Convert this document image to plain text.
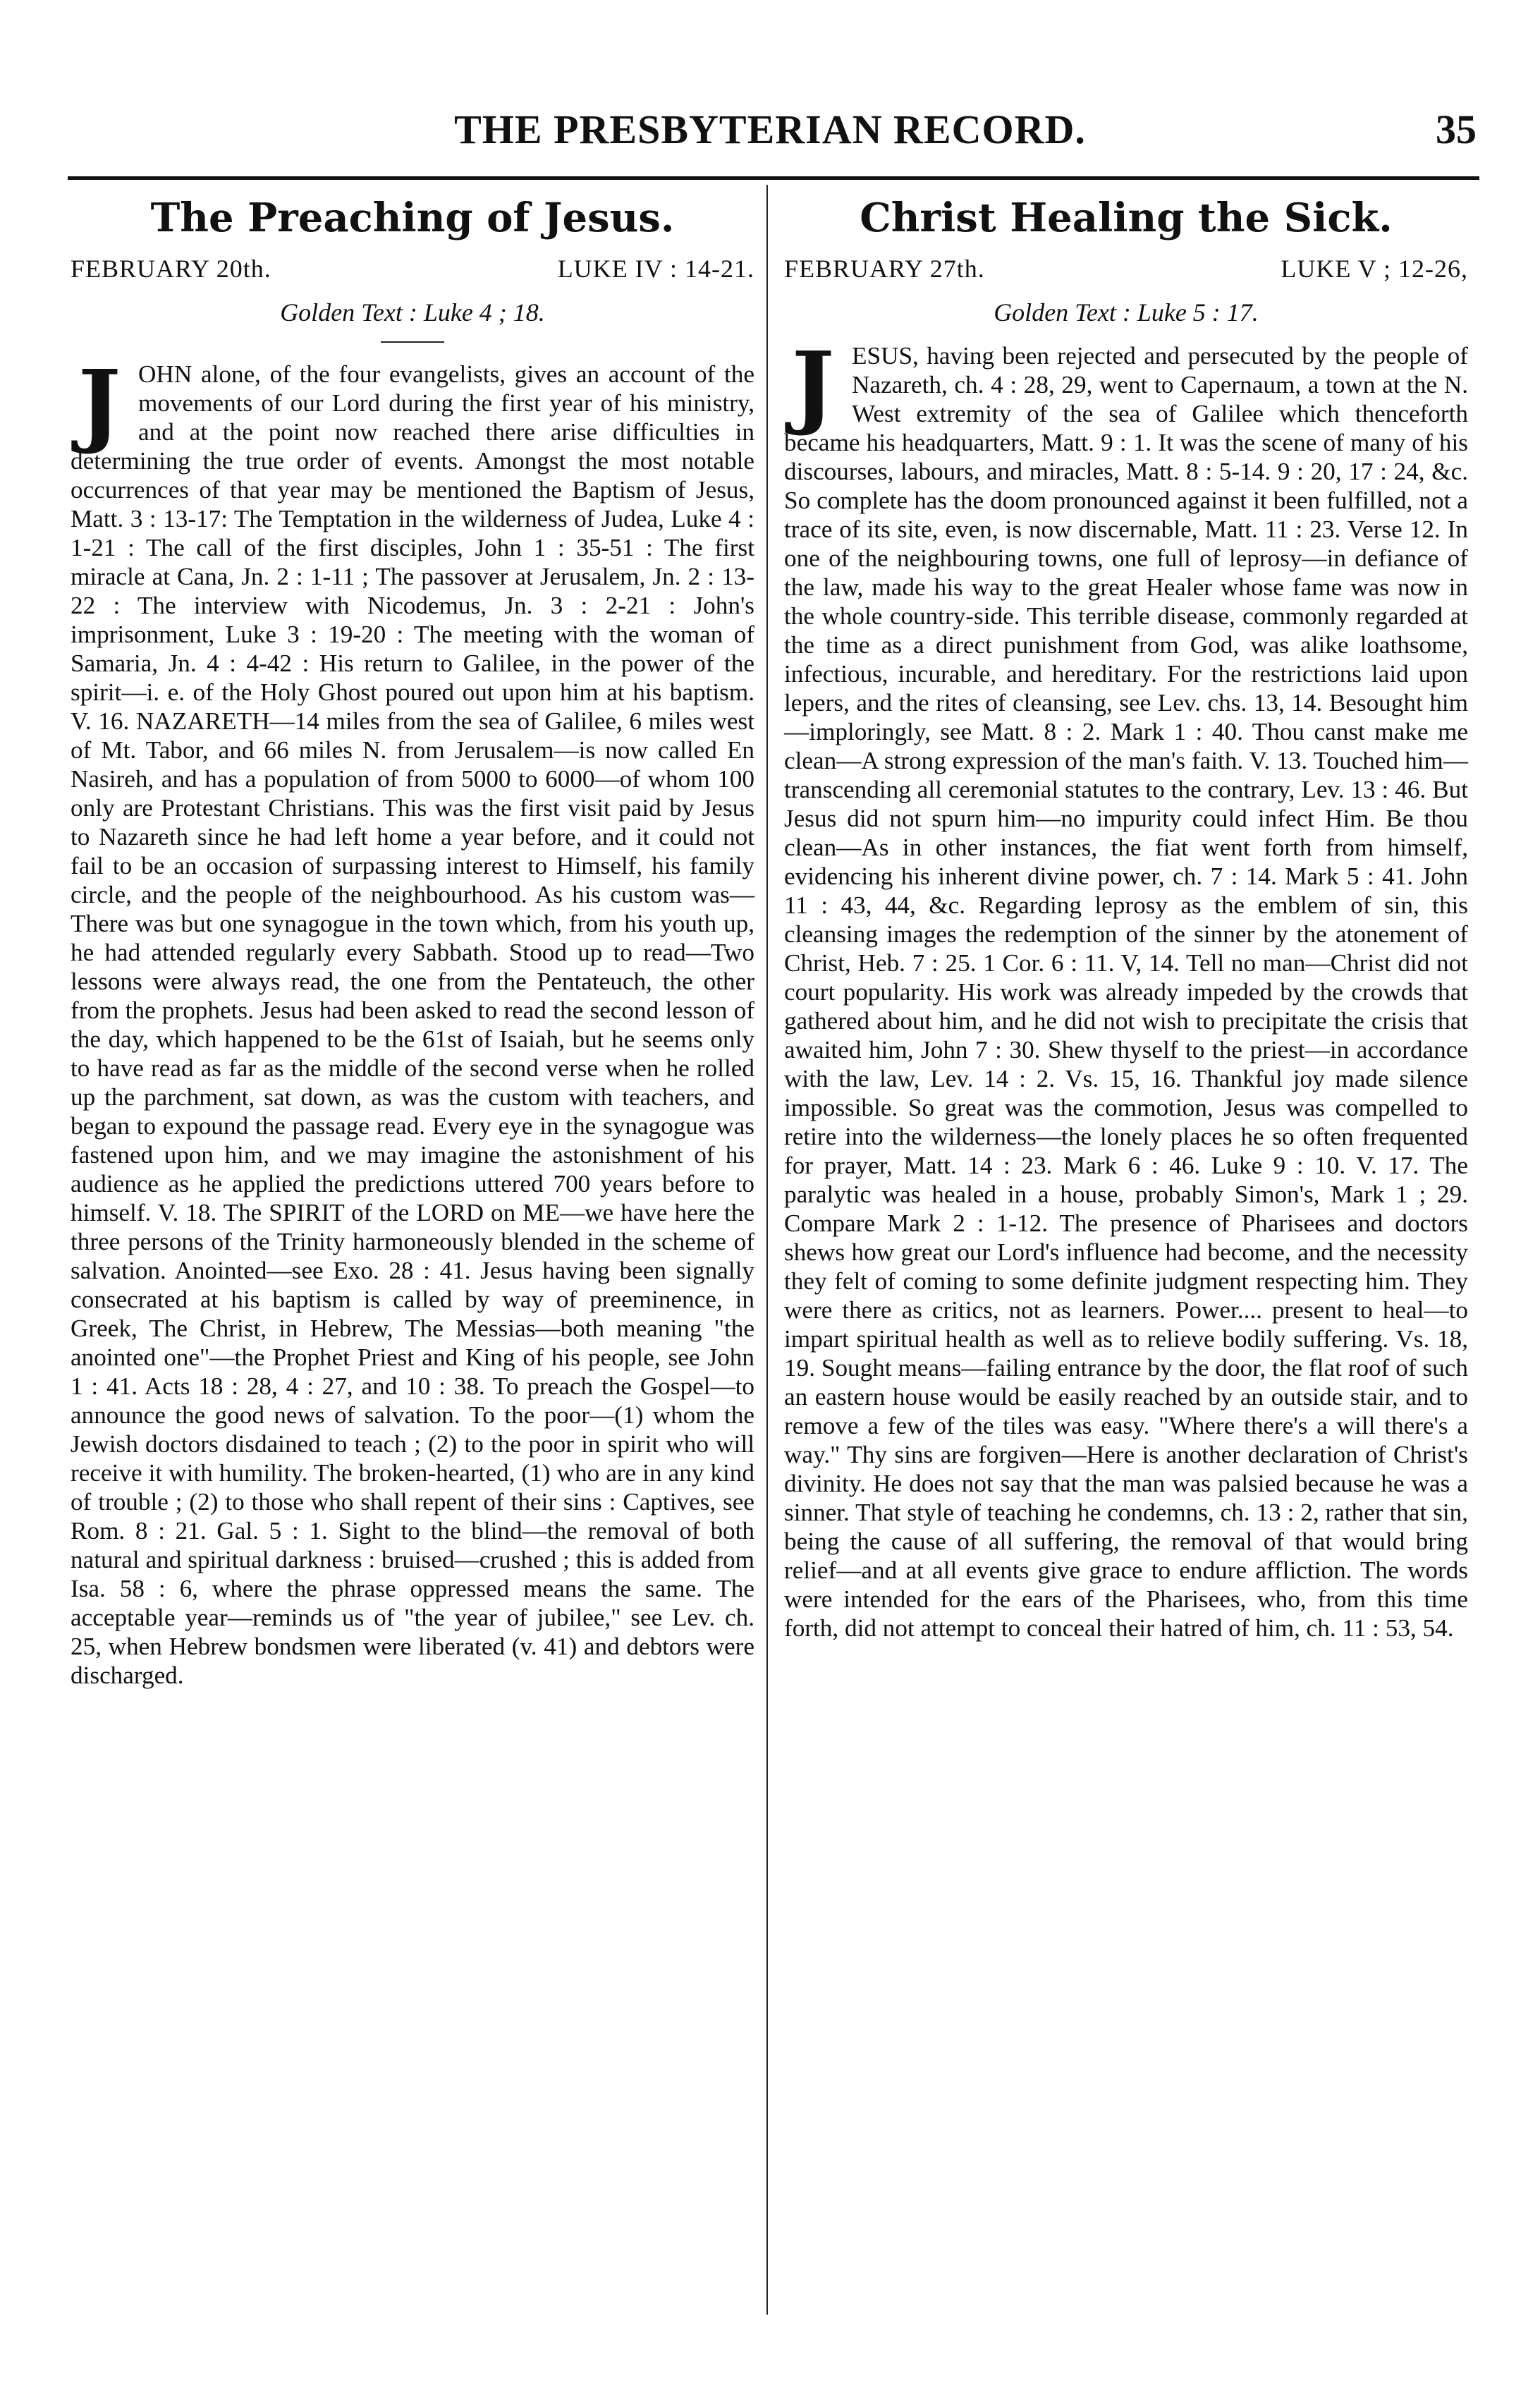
THE PRESBYTERIAN RECORD.	35
The Preaching of Jesus.
FEBRUARY 20th.	LUKE IV : 14-21.
Golden Text : Luke 4 ; 18.
J OHN alone, of the four evangelists, gives an account of the movements of our Lord during the first year of his ministry, and at the point now reached there arise difficulties in determining the true order of events. Amongst the most notable occurrences of that year may be mentioned the Baptism of Jesus, Matt. 3 : 13-17: The Temptation in the wilderness of Judea, Luke 4 : 1-21 : The call of the first disciples, John 1 : 35-51 : The first miracle at Cana, Jn. 2 : 1-11 ; The passover at Jerusalem, Jn. 2 : 13-22 : The interview with Nicodemus, Jn. 3 : 2-21 : John's imprisonment, Luke 3 : 19-20 : The meeting with the woman of Samaria, Jn. 4 : 4-42 : His return to Galilee, in the power of the spirit—i. e. of the Holy Ghost poured out upon him at his baptism. V. 16. NAZARETH—14 miles from the sea of Galilee, 6 miles west of Mt. Tabor, and 66 miles N. from Jerusalem—is now called En Nasireh, and has a population of from 5000 to 6000—of whom 100 only are Protestant Christians. This was the first visit paid by Jesus to Nazareth since he had left home a year before, and it could not fail to be an occasion of surpassing interest to Himself, his family circle, and the people of the neighbourhood. As his custom was—There was but one synagogue in the town which, from his youth up, he had attended regularly every Sabbath. Stood up to read—Two lessons were always read, the one from the Pentateuch, the other from the prophets. Jesus had been asked to read the second lesson of the day, which happened to be the 61st of Isaiah, but he seems only to have read as far as the middle of the second verse when he rolled up the parchment, sat down, as was the custom with teachers, and began to expound the passage read. Every eye in the synagogue was fastened upon him, and we may imagine the astonishment of his audience as he applied the predictions uttered 700 years before to himself. V. 18. The SPIRIT of the LORD on ME—we have here the three persons of the Trinity harmoneously blended in the scheme of salvation. Anointed—see Exo. 28 : 41. Jesus having been signally consecrated at his baptism is called by way of preeminence, in Greek, The Christ, in Hebrew, The Messias—both meaning "the anointed one"—the Prophet Priest and King of his people, see John 1 : 41. Acts 18 : 28, 4 : 27, and 10 : 38. To preach the Gospel—to announce the good news of salvation. To the poor—(1) whom the Jewish doctors disdained to teach ; (2) to the poor in spirit who will receive it with humility. The broken-hearted, (1) who are in any kind of trouble ; (2) to those who shall repent of their sins : Captives, see Rom. 8 : 21. Gal. 5 : 1. Sight to the blind—the removal of both natural and spiritual darkness : bruised—crushed ; this is added from Isa. 58 : 6, where the phrase oppressed means the same. The acceptable year—reminds us of "the year of jubilee," see Lev. ch. 25, when Hebrew bondsmen were liberated (v. 41) and debtors were discharged.

Christ Healing the Sick.
FEBRUARY 27th.	LUKE V ; 12-26,
Golden Text : Luke 5 : 17.
J ESUS, having been rejected and persecuted by the people of Nazareth, ch. 4 : 28, 29, went to Capernaum, a town at the N. West extremity of the sea of Galilee which thenceforth became his headquarters, Matt. 9 : 1. It was the scene of many of his discourses, labours, and miracles, Matt. 8 : 5-14. 9 : 20, 17 : 24, &c. So complete has the doom pronounced against it been fulfilled, not a trace of its site, even, is now discernable, Matt. 11 : 23. Verse 12. In one of the neighbouring towns, one full of leprosy—in defiance of the law, made his way to the great Healer whose fame was now in the whole country-side. This terrible disease, commonly regarded at the time as a direct punishment from God, was alike loathsome, infectious, incurable, and hereditary. For the restrictions laid upon lepers, and the rites of cleansing, see Lev. chs. 13, 14. Besought him—imploringly, see Matt. 8 : 2. Mark 1 : 40. Thou canst make me clean—A strong expression of the man's faith. V. 13. Touched him—transcending all ceremonial statutes to the contrary, Lev. 13 : 46. But Jesus did not spurn him—no impurity could infect Him. Be thou clean—As in other instances, the fiat went forth from himself, evidencing his inherent divine power, ch. 7 : 14. Mark 5 : 41. John 11 : 43, 44, &c. Regarding leprosy as the emblem of sin, this cleansing images the redemption of the sinner by the atonement of Christ, Heb. 7 : 25. 1 Cor. 6 : 11. V, 14. Tell no man—Christ did not court popularity. His work was already impeded by the crowds that gathered about him, and he did not wish to precipitate the crisis that awaited him, John 7 : 30. Shew thyself to the priest—in accordance with the law, Lev. 14 : 2. Vs. 15, 16. Thankful joy made silence impossible. So great was the commotion, Jesus was compelled to retire into the wilderness—the lonely places he so often frequented for prayer, Matt. 14 : 23. Mark 6 : 46. Luke 9 : 10. V. 17. The paralytic was healed in a house, probably Simon's, Mark 1 ; 29. Compare Mark 2 : 1-12. The presence of Pharisees and doctors shews how great our Lord's influence had become, and the necessity they felt of coming to some definite judgment respecting him. They were there as critics, not as learners. Power.... present to heal—to impart spiritual health as well as to relieve bodily suffering. Vs. 18, 19. Sought means—failing entrance by the door, the flat roof of such an eastern house would be easily reached by an outside stair, and to remove a few of the tiles was easy. "Where there's a will there's a way." Thy sins are forgiven—Here is another declaration of Christ's divinity. He does not say that the man was palsied because he was a sinner. That style of teaching he condemns, ch. 13 : 2, rather that sin, being the cause of all suffering, the removal of that would bring relief—and at all events give grace to endure affliction. The words were intended for the ears of the Pharisees, who, from this time forth, did not attempt to conceal their hatred of him, ch. 11 : 53, 54.
